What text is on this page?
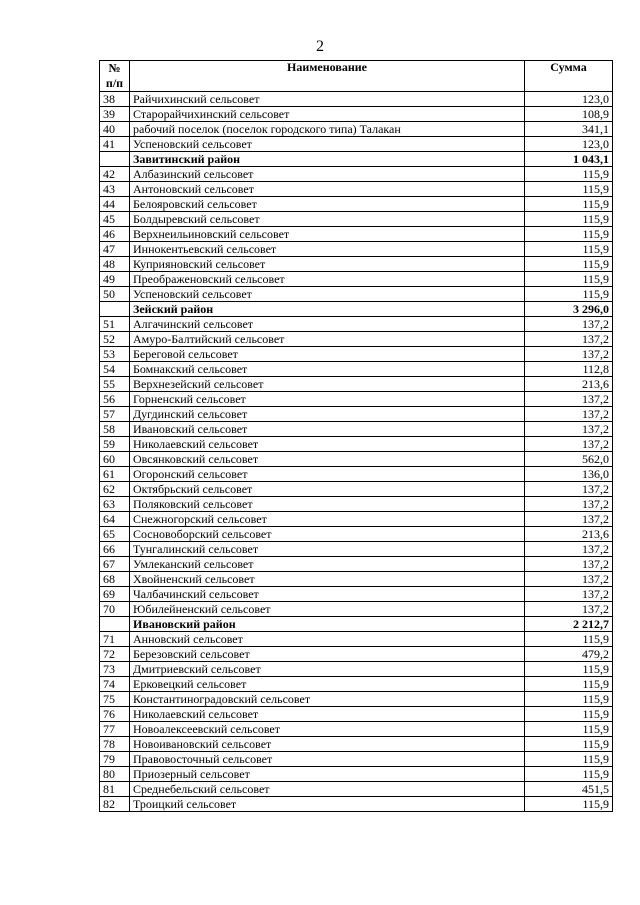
2
№
п/п	Наименование	Сумма
38	Райчихинский сельсовет	123,0
39	Старорайчихинский сельсовет	108,9
40	рабочий поселок (поселок городского типа) Талакан	341,1
41	Успеновский сельсовет	123,0
	Завитинский район	1 043,1
42	Албазинский сельсовет	115,9
43	Антоновский сельсовет	115,9
44	Белояровский сельсовет	115,9
45	Болдыревский сельсовет	115,9
46	Верхнеильиновский сельсовет	115,9
47	Иннокентьевский сельсовет	115,9
48	Куприяновский сельсовет	115,9
49	Преображеновский сельсовет	115,9
50	Успеновский сельсовет	115,9
	Зейский район	3 296,0
51	Алгачинский сельсовет	137,2
52	Амуро-Балтийский сельсовет	137,2
53	Береговой сельсовет	137,2
54	Бомнакский сельсовет	112,8
55	Верхнезейский сельсовет	213,6
56	Горненский сельсовет	137,2
57	Дугдинский сельсовет	137,2
58	Ивановский сельсовет	137,2
59	Николаевский сельсовет	137,2
60	Овсянковский сельсовет	562,0
61	Огоронский сельсовет	136,0
62	Октябрьский сельсовет	137,2
63	Поляковский сельсовет	137,2
64	Снежногорский сельсовет	137,2
65	Сосновоборский сельсовет	213,6
66	Тунгалинский сельсовет	137,2
67	Умлеканский сельсовет	137,2
68	Хвойненский сельсовет	137,2
69	Чалбачинский сельсовет	137,2
70	Юбилейненский сельсовет	137,2
	Ивановский район	2 212,7
71	Анновский сельсовет	115,9
72	Березовский сельсовет	479,2
73	Дмитриевский сельсовет	115,9
74	Ерковецкий сельсовет	115,9
75	Константиноградовский сельсовет	115,9
76	Николаевский сельсовет	115,9
77	Новоалексеевский сельсовет	115,9
78	Новоивановский сельсовет	115,9
79	Правовосточный сельсовет	115,9
80	Приозерный сельсовет	115,9
81	Среднебельский сельсовет	451,5
82	Троицкий сельсовет	115,9
